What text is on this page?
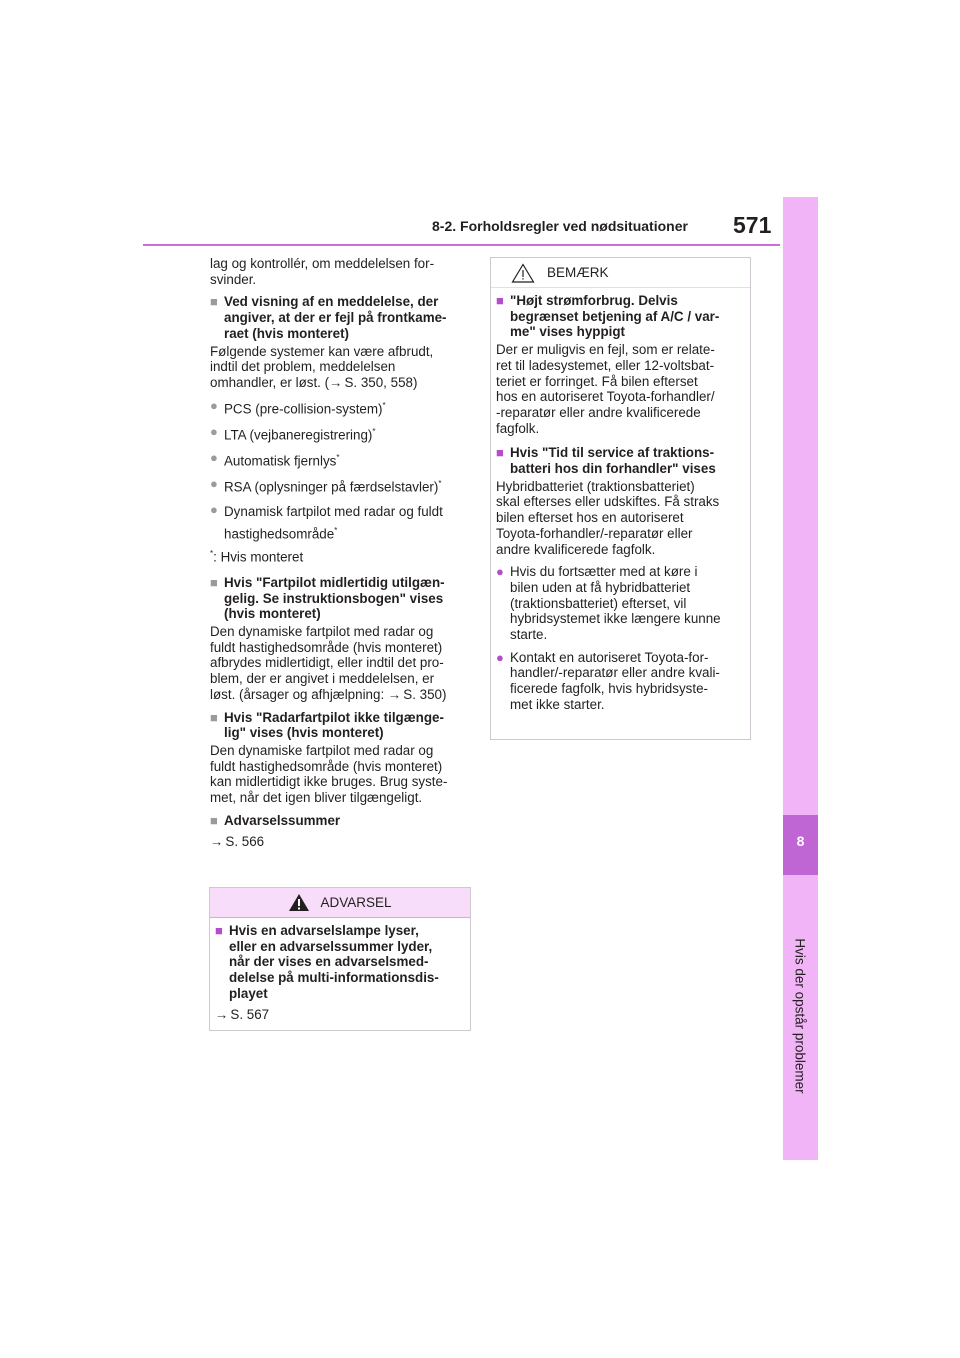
8-2. Forholdsregler ved nødsituationer 571
8
Hvis der opstår problemer

lag og kontrollér, om meddelelsen for-
svinder.

■ Ved visning af en meddelelse, der
angiver, at der er fejl på frontkame-
raet (hvis monteret)

Følgende systemer kan være afbrudt,
indtil det problem, meddelelsen
omhandler, er løst. (→ S. 350, 558)

● PCS (pre-collision-system)*
● LTA (vejbaneregistrering)*
● Automatisk fjernlys*
● RSA (oplysninger på færdselstavler)*
● Dynamisk fartpilot med radar og fuldt
hastighedsområde*

*: Hvis monteret

■ Hvis "Fartpilot midlertidig utilgæn-
gelig. Se instruktionsbogen" vises
(hvis monteret)

Den dynamiske fartpilot med radar og
fuldt hastighedsområde (hvis monteret)
afbrydes midlertidigt, eller indtil det pro-
blem, der er angivet i meddelelsen, er
løst. (årsager og afhjælpning: → S. 350)

■ Hvis "Radarfartpilot ikke tilgænge-
lig" vises (hvis monteret)

Den dynamiske fartpilot med radar og
fuldt hastighedsområde (hvis monteret)
kan midlertidigt ikke bruges. Brug syste-
met, når det igen bliver tilgængeligt.

■ Advarselssummer

→ S. 566

ADVARSEL
■ Hvis en advarselslampe lyser,
eller en advarselssummer lyder,
når der vises en advarselsmed-
delelse på multi-informationsdis-
playet

→ S. 567

BEMÆRK
■ "Højt strømforbrug. Delvis
begrænset betjening af A/C / var-
me" vises hyppigt

Der er muligvis en fejl, som er relate-
ret til ladesystemet, eller 12-voltsbat-
teriet er forringet. Få bilen efterset
hos en autoriseret Toyota-forhandler/
-reparatør eller andre kvalificerede
fagfolk.

■ Hvis "Tid til service af traktions-
batteri hos din forhandler" vises

Hybridbatteriet (traktionsbatteriet)
skal efterses eller udskiftes. Få straks
bilen efterset hos en autoriseret
Toyota-forhandler/-reparatør eller
andre kvalificerede fagfolk.

● Hvis du fortsætter med at køre i
bilen uden at få hybridbatteriet
(traktionsbatteriet) efterset, vil
hybridsystemet ikke længere kunne
starte.
● Kontakt en autoriseret Toyota-for-
handler/-reparatør eller andre kvali-
ficerede fagfolk, hvis hybridsyste-
met ikke starter.
